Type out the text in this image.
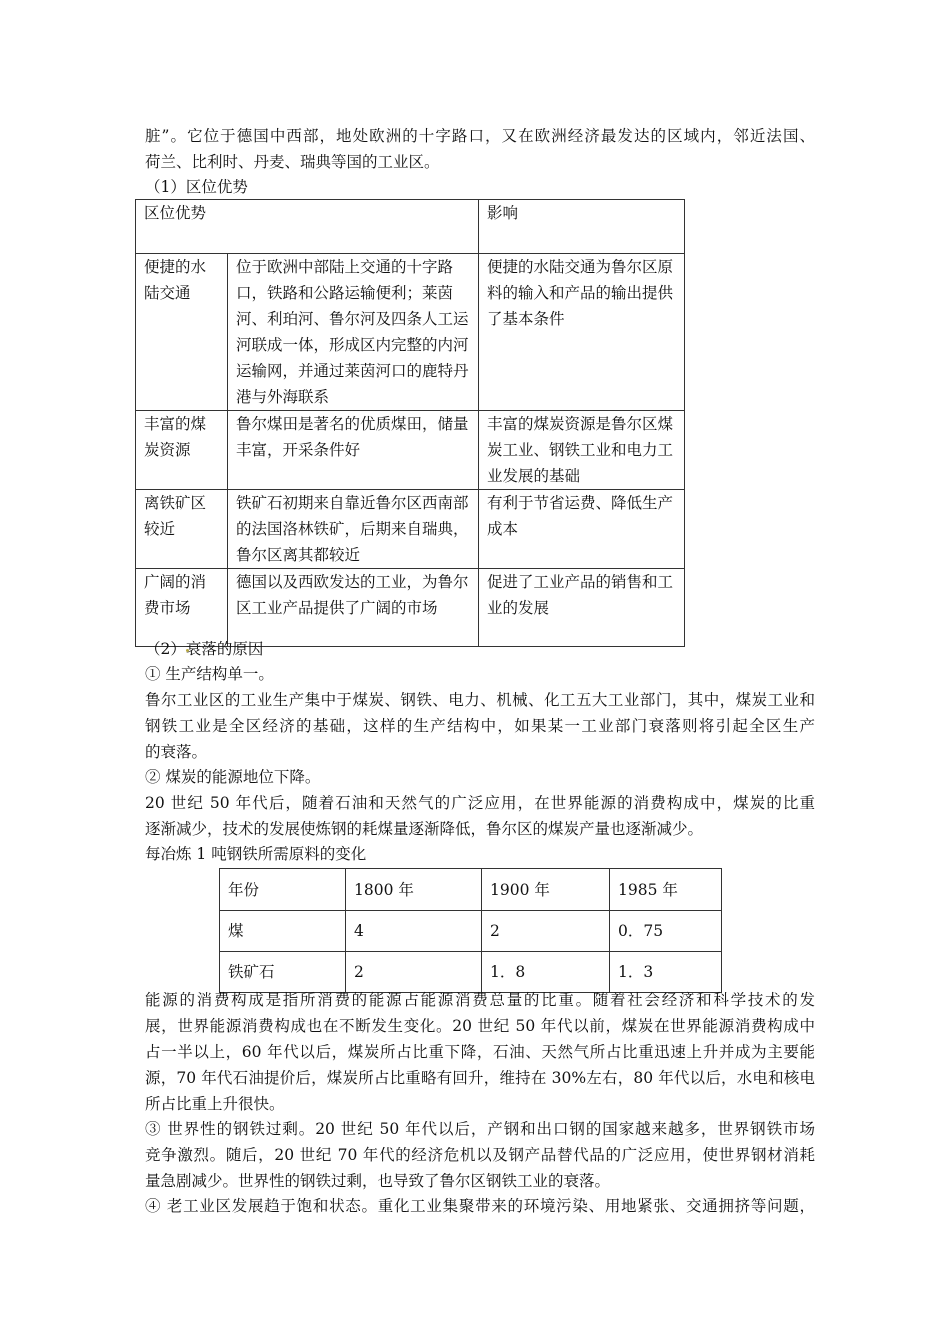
脏”。它位于德国中西部，地处欧洲的十字路口，又在欧洲经济最发达的区域内，邻近法国、
荷兰、比利时、丹麦、瑞典等国的工业区。
（1）区位优势
区位优势		影响
便捷的水陆交通	位于欧洲中部陆上交通的十字路口，铁路和公路运输便利；莱茵河、利珀河、鲁尔河及四条人工运河联成一体，形成区内完整的内河运输网，并通过莱茵河口的鹿特丹港与外海联系	便捷的水陆交通为鲁尔区原料的输入和产品的输出提供了基本条件
丰富的煤炭资源	鲁尔煤田是著名的优质煤田，储量丰富，开采条件好	丰富的煤炭资源是鲁尔区煤炭工业、钢铁工业和电力工业发展的基础
离铁矿区较近	铁矿石初期来自靠近鲁尔区西南部的法国洛林铁矿，后期来自瑞典，鲁尔区离其都较近	有利于节省运费、降低生产成本
广阔的消费市场	德国以及西欧发达的工业，为鲁尔区工业产品提供了广阔的市场	促进了工业产品的销售和工业的发展
（2）衰落的原因
① 生产结构单一。
鲁尔工业区的工业生产集中于煤炭、钢铁、电力、机械、化工五大工业部门，其中，煤炭工业和
钢铁工业是全区经济的基础，这样的生产结构中，如果某一工业部门衰落则将引起全区生产
的衰落。
② 煤炭的能源地位下降。
20 世纪 50 年代后，随着石油和天然气的广泛应用，在世界能源的消费构成中，煤炭的比重
逐渐减少，技术的发展使炼钢的耗煤量逐渐降低，鲁尔区的煤炭产量也逐渐减少。
每冶炼 1 吨钢铁所需原料的变化
年份	1800 年	1900 年	1985 年
煤	4	2	0．75
铁矿石	2	1．8	1．3
能源的消费构成是指所消费的能源占能源消费总量的比重。随着社会经济和科学技术的发
展，世界能源消费构成也在不断发生变化。20 世纪 50 年代以前，煤炭在世界能源消费构成中
占一半以上，60 年代以后，煤炭所占比重下降，石油、天然气所占比重迅速上升并成为主要能
源，70 年代石油提价后，煤炭所占比重略有回升，维持在 30%左右，80 年代以后，水电和核电
所占比重上升很快。
③ 世界性的钢铁过剩。20 世纪 50 年代以后，产钢和出口钢的国家越来越多，世界钢铁市场
竞争激烈。随后，20 世纪 70 年代的经济危机以及钢产品替代品的广泛应用，使世界钢材消耗
量急剧减少。世界性的钢铁过剩，也导致了鲁尔区钢铁工业的衰落。
④ 老工业区发展趋于饱和状态。重化工业集聚带来的环境污染、用地紧张、交通拥挤等问题，
